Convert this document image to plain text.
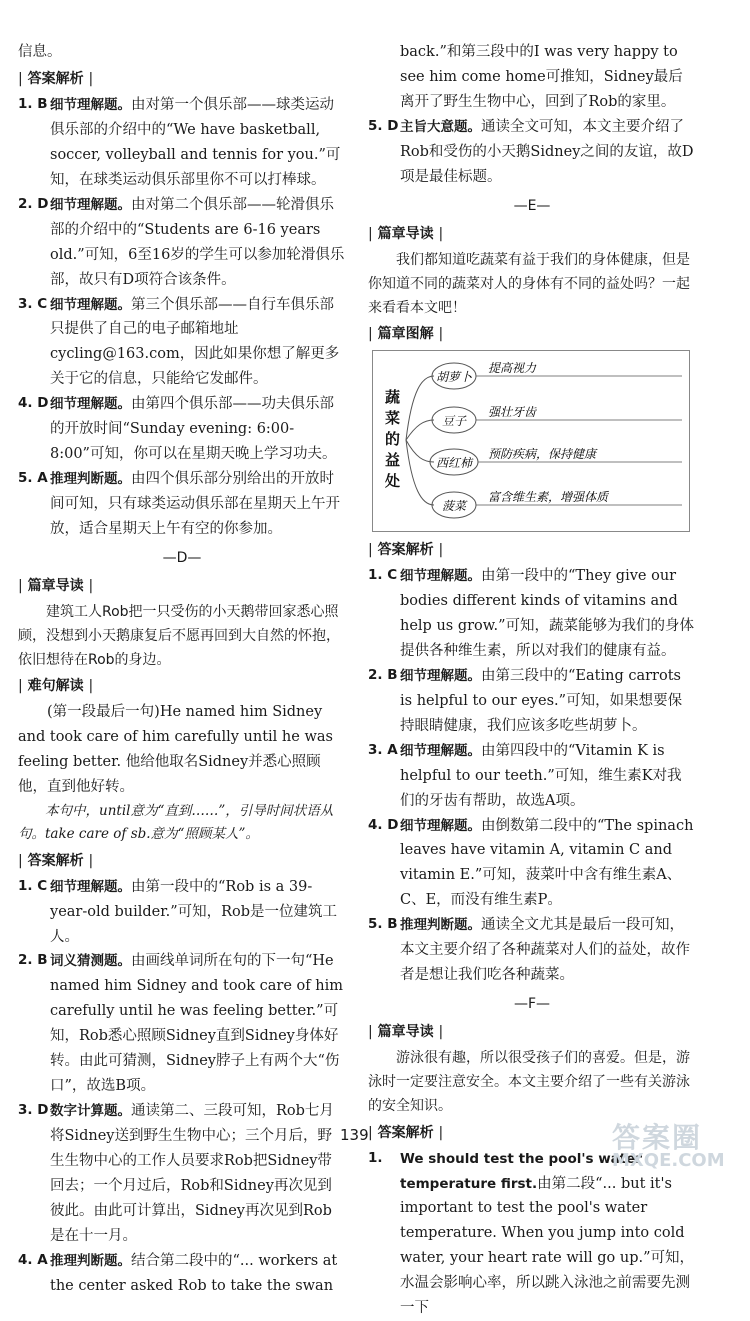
信息。
| 答案解析 |
1. B 细节理解题。由对第一个俱乐部——球类运动俱乐部的介绍中的“We have basketball, soccer, volleyball and tennis for you.”可知，在球类运动俱乐部里你不可以打棒球。
2. D 细节理解题。由对第二个俱乐部——轮滑俱乐部的介绍中的“Students are 6-16 years old.”可知，6至16岁的学生可以参加轮滑俱乐部，故只有D项符合该条件。
3. C 细节理解题。第三个俱乐部——自行车俱乐部只提供了自己的电子邮箱地址cycling@163.com，因此如果你想了解更多关于它的信息，只能给它发邮件。
4. D 细节理解题。由第四个俱乐部——功夫俱乐部的开放时间“Sunday evening: 6:00-8:00”可知，你可以在星期天晚上学习功夫。
5. A 推理判断题。由四个俱乐部分别给出的开放时间可知，只有球类运动俱乐部在星期天上午开放，适合星期天上午有空的你参加。
—D—
| 篇章导读 |

建筑工人Rob把一只受伤的小天鹅带回家悉心照顾，没想到小天鹅康复后不愿再回到大自然的怀抱，依旧想待在Rob的身边。

| 难句解读 |

(第一段最后一句)He named him Sidney and took care of him carefully until he was feeling better. 他给他取名Sidney并悉心照顾他，直到他好转。

本句中，until意为“直到……”，引导时间状语从句。take care of sb.意为“照顾某人”。

| 答案解析 |
1. C 细节理解题。由第一段中的“Rob is a 39-year-old builder.”可知，Rob是一位建筑工人。
2. B 词义猜测题。由画线单词所在句的下一句“He named him Sidney and took care of him carefully until he was feeling better.”可知，Rob悉心照顾Sidney直到Sidney身体好转。由此可猜测，Sidney脖子上有两个大“伤口”，故选B项。
3. D 数字计算题。通读第二、三段可知，Rob七月将Sidney送到野生生物中心；三个月后，野生生物中心的工作人员要求Rob把Sidney带回去；一个月过后，Rob和Sidney再次见到彼此。由此可计算出，Sidney再次见到Rob是在十一月。
4. A 推理判断题。结合第二段中的“... workers at the center asked Rob to take the swan
back.”和第三段中的I was very happy to see him come home可推知，Sidney最后离开了野生生物中心，回到了Rob的家里。
5. D 主旨大意题。通读全文可知，本文主要介绍了Rob和受伤的小天鹅Sidney之间的友谊，故D项是最佳标题。
—E—
| 篇章导读 |

我们都知道吃蔬菜有益于我们的身体健康，但是你知道不同的蔬菜对人的身体有不同的益处吗？一起来看看本文吧！

| 篇章图解 |
蔬
菜
的
益
处
胡萝卜
提高视力
豆子
强壮牙齿
西红柿
预防疾病，保持健康
菠菜
富含维生素，增强体质
| 答案解析 |
1. C 细节理解题。由第一段中的“They give our bodies different kinds of vitamins and help us grow.”可知，蔬菜能够为我们的身体提供各种维生素，所以对我们的健康有益。
2. B 细节理解题。由第三段中的“Eating carrots is helpful to our eyes.”可知，如果想要保持眼睛健康，我们应该多吃些胡萝卜。
3. A 细节理解题。由第四段中的“Vitamin K is helpful to our teeth.”可知，维生素K对我们的牙齿有帮助，故选A项。
4. D 细节理解题。由倒数第二段中的“The spinach leaves have vitamin A, vitamin C and vitamin E.”可知，菠菜叶中含有维生素A、C、E，而没有维生素P。
5. B 推理判断题。通读全文尤其是最后一段可知，本文主要介绍了各种蔬菜对人们的益处，故作者是想让我们吃各种蔬菜。
—F—
| 篇章导读 |

游泳很有趣，所以很受孩子们的喜爱。但是，游泳时一定要注意安全。本文主要介绍了一些有关游泳的安全知识。

| 答案解析 |
1. We should test the pool's water temperature first.由第二段“... but it's important to test the pool's water temperature. When you jump into cold water, your heart rate will go up.”可知，水温会影响心率，所以跳入泳池之前需要先测一下
139	答案圈
MXQE.COM
